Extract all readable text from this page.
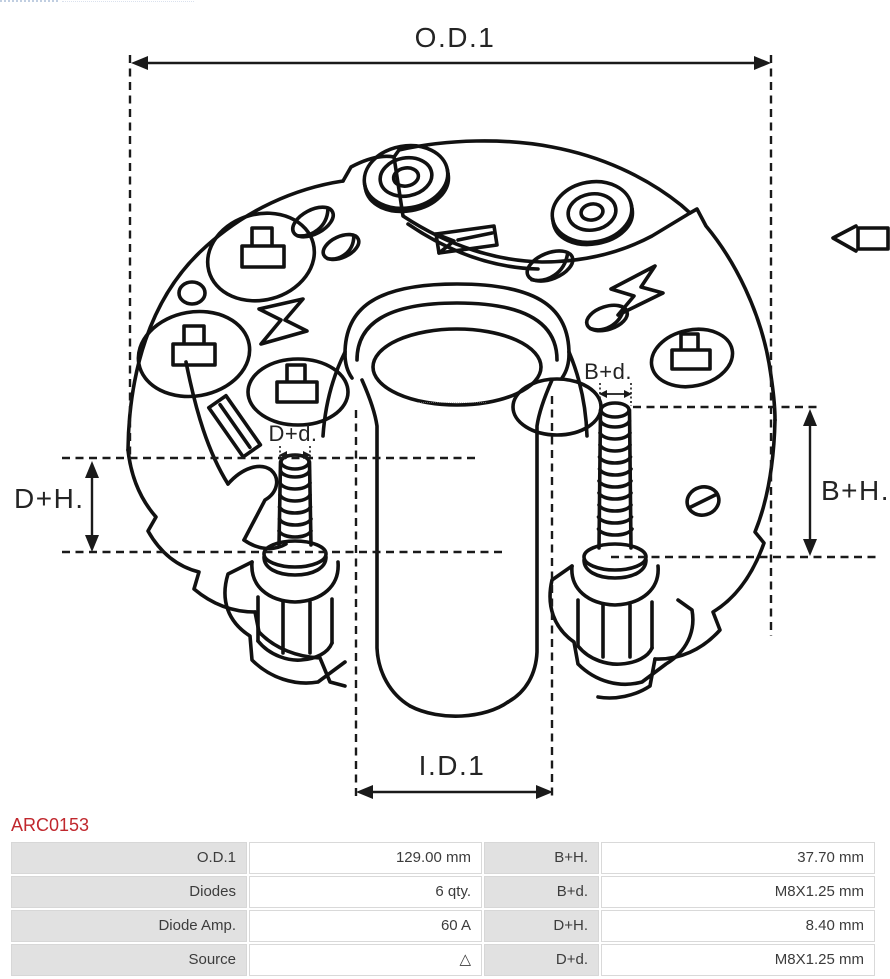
O.D.1
I.D.1
D+H.	B+H.
B+d.
D+d.
ARC0153
O.D.1	129.00 mm	B+H.	37.70 mm
Diodes	6 qty.	B+d.	M8X1.25 mm
Diode Amp.	60 A	D+H.	8.40 mm
Source	△	D+d.	M8X1.25 mm
